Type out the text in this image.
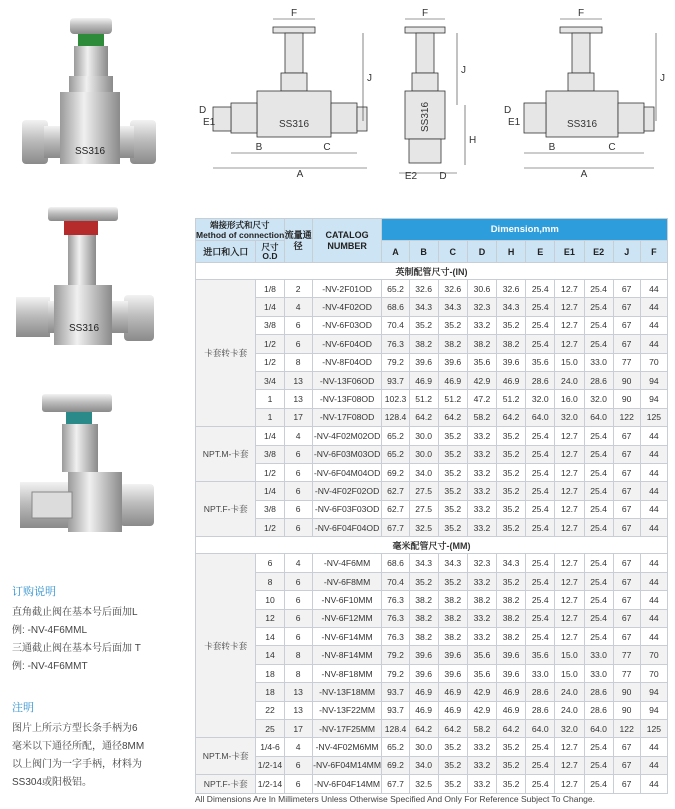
SS316
SS316
F
J
SS316
B	C
A
E1
D
F
J
H
SS316
E2 D
F
J
SS316
B	C
A
E1
D
订购说明
直角截止阀在基本号后面加L
例: -NV-4F6MML
三通截止阀在基本号后面加 T
例: -NV-4F6MMT
注明
图片上所示方型长条手柄为6
毫米以下通径所配，通径8MM
以上阀门为一字手柄，材料为
SS304或阳极铝。
端接形式和尺寸
Method of connection		流量通径	CATALOG NUMBER	Dimension,mm									
进口和入口	尺寸
O.D			A	B	C	D	H	E	E1	E2	J	F
英制配管尺寸-(IN)													
卡套转卡套	1/8	2	-NV-2F01OD	65.2	32.6	32.6	30.6	32.6	25.4	12.7	25.4	67	44
	1/4	4	-NV-4F02OD	68.6	34.3	34.3	32.3	34.3	25.4	12.7	25.4	67	44
	3/8	6	-NV-6F03OD	70.4	35.2	35.2	33.2	35.2	25.4	12.7	25.4	67	44
	1/2	6	-NV-6F04OD	76.3	38.2	38.2	38.2	38.2	25.4	12.7	25.4	67	44
	1/2	8	-NV-8F04OD	79.2	39.6	39.6	35.6	39.6	35.6	15.0	33.0	77	70
	3/4	13	-NV-13F06OD	93.7	46.9	46.9	42.9	46.9	28.6	24.0	28.6	90	94
	1	13	-NV-13F08OD	102.3	51.2	51.2	47.2	51.2	32.0	16.0	32.0	90	94
	1	17	-NV-17F08OD	128.4	64.2	64.2	58.2	64.2	64.0	32.0	64.0	122	125
NPT.M-卡套	1/4	4	-NV-4F02M02OD	65.2	30.0	35.2	33.2	35.2	25.4	12.7	25.4	67	44
	3/8	6	-NV-6F03M03OD	65.2	30.0	35.2	33.2	35.2	25.4	12.7	25.4	67	44
	1/2	6	-NV-6F04M04OD	69.2	34.0	35.2	33.2	35.2	25.4	12.7	25.4	67	44
NPT.F-卡套	1/4	6	-NV-4F02F02OD	62.7	27.5	35.2	33.2	35.2	25.4	12.7	25.4	67	44
	3/8	6	-NV-6F03F03OD	62.7	27.5	35.2	33.2	35.2	25.4	12.7	25.4	67	44
	1/2	6	-NV-6F04F04OD	67.7	32.5	35.2	33.2	35.2	25.4	12.7	25.4	67	44
毫米配管尺寸-(MM)													
卡套转卡套	6	4	-NV-4F6MM	68.6	34.3	34.3	32.3	34.3	25.4	12.7	25.4	67	44
	8	6	-NV-6F8MM	70.4	35.2	35.2	33.2	35.2	25.4	12.7	25.4	67	44
	10	6	-NV-6F10MM	76.3	38.2	38.2	38.2	38.2	25.4	12.7	25.4	67	44
	12	6	-NV-6F12MM	76.3	38.2	38.2	33.2	38.2	25.4	12.7	25.4	67	44
	14	6	-NV-6F14MM	76.3	38.2	38.2	33.2	38.2	25.4	12.7	25.4	67	44
	14	8	-NV-8F14MM	79.2	39.6	39.6	35.6	39.6	35.6	15.0	33.0	77	70
	18	8	-NV-8F18MM	79.2	39.6	39.6	35.6	39.6	33.0	15.0	33.0	77	70
	18	13	-NV-13F18MM	93.7	46.9	46.9	42.9	46.9	28.6	24.0	28.6	90	94
	22	13	-NV-13F22MM	93.7	46.9	46.9	42.9	46.9	28.6	24.0	28.6	90	94
	25	17	-NV-17F25MM	128.4	64.2	64.2	58.2	64.2	64.0	32.0	64.0	122	125
NPT.M-卡套	1/4-6	4	-NV-4F02M6MM	65.2	30.0	35.2	33.2	35.2	25.4	12.7	25.4	67	44
	1/2-14	6	-NV-6F04M14MM	69.2	34.0	35.2	33.2	35.2	25.4	12.7	25.4	67	44
NPT.F-卡套	1/2-14	6	-NV-6F04F14MM	67.7	32.5	35.2	33.2	35.2	25.4	12.7	25.4	67	44
All Dimensions Are In Millimeters Unless Otherwise Specified And Only For Reference Subject To Change.
